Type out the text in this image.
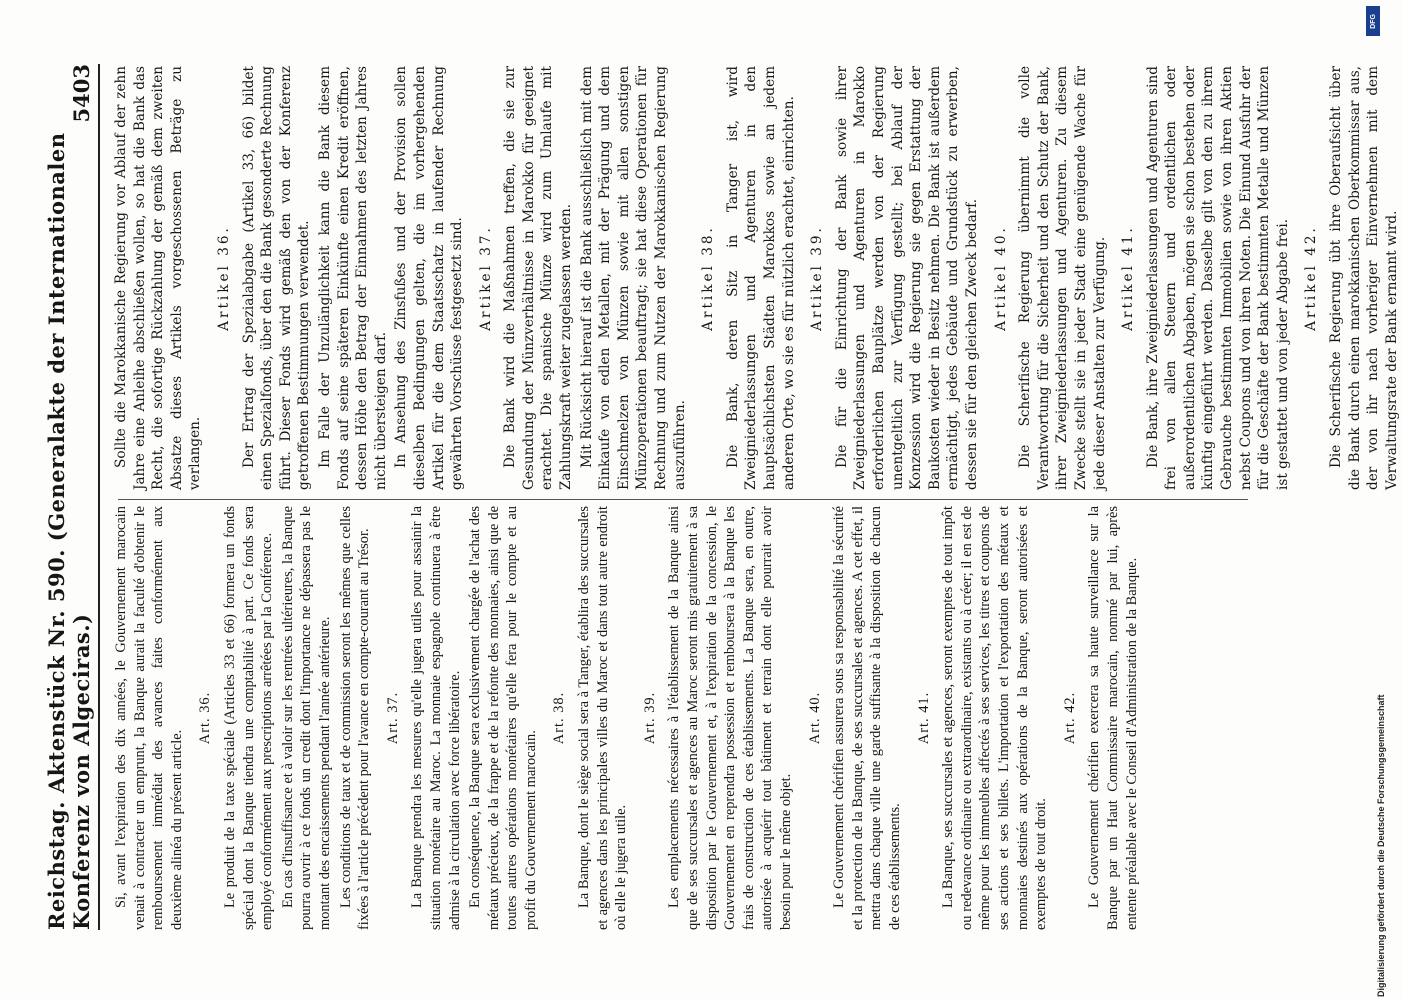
Reichstag. Aktenstück Nr. 590. (Generalakte der Internationalen Konferenz von Algeciras.)
5403

Si, avant l'expiration des dix années, le Gouvernement marocain venait à contracter un emprunt, la Banque aurait la faculté d'obtenir le remboursement immédiat des avances faites conformément aux deuxième alinéa du présent article.

Art. 36. Le produit de la taxe spéciale (Articles 33 et 66) formera un fonds spécial dont la Banque tiendra une comptabilité à part. Ce fonds sera employé conformément aux prescriptions arrêtées par la Conférence. En cas d'insuffisance et à valoir sur les rentrées ultérieures, la Banque pourra ouvrir à ce fonds un credit dont l'importance ne dépassera pas le montant des encaissements pendant l'année antérieure. Les conditions de taux et de commission seront les mêmes que celles fixées à l'article précédent pour l'avance en compte-courant au Trésor. Art. 37. La Banque prendra les mesures qu'elle jugera utiles pour assainir la situation monétaire au Maroc. La monnaie espagnole continuera à être admise à la circulation avec force libératoire. En conséquence, la Banque sera exclusivement chargée de l'achat des métaux précieux, de la frappe et de la refonte des monnaies, ainsi que de toutes autres opérations monétaires qu'elle fera pour le compte et au profit du Gouvernement marocain.

Art. 38. La Banque, dont le siège social sera à Tanger, établira des succursales et agences dans les principales villes du Maroc et dans tout autre endroit où elle le jugera utile.

Art. 39. Les emplacements nécessaires à l'établissement de la Banque ainsi que de ses succursales et agences au Maroc seront mis gratuitement à sa disposition par le Gouvernement et, à l'expiration de la concession, le Gouvernement en reprendra possession et remboursera à la Banque les frais de construction de ces établissements. La Banque sera, en outre, autorisée à acquérir tout bâtiment et terrain dont elle pourrait avoir besoin pour le même objet.

Art. 40. Le Gouvernement chérifien assurera sous sa responsabilité la sécurité et la protection de la Banque, de ses succursales et agences. A cet effet, il mettra dans chaque ville une garde suffisante à la disposition de chacun de ces établissements.

Art. 41. La Banque, ses succursales et agences, seront exemptes de tout impôt ou redevance ordinaire ou extraordinaire, existants ou à créer; il en est de même pour les immeubles affectés à ses services, les titres et coupons de ses actions et ses billets. L'importation et l'exportation des métaux et monnaies destinés aux opérations de la Banque, seront autorisées et exemptes de tout droit.

Art. 42. Le Gouvernement chérifien exercera sa haute surveillance sur la Banque par un Haut Commissaire marocain, nommé par lui, après entente préalable avec le Conseil d'Administration de la Banque.

Sollte die Marokkanische Regierung vor Ablauf der zehn Jahre eine Anleihe abschließen wollen, so hat die Bank das Recht, die sofortige Rückzahlung der gemäß dem zweiten Absatze dieses Artikels vorgeschossenen Beträge zu verlangen.

Artikel 36. Der Ertrag der Spezialabgabe (Artikel 33, 66) bildet einen Spezialfonds, über den die Bank gesonderte Rechnung führt. Dieser Fonds wird gemäß den von der Konferenz getroffenen Bestimmungen verwendet. Im Falle der Unzulänglichkeit kann die Bank diesem Fonds auf seine späteren Einkünfte einen Kredit eröffnen, dessen Höhe den Betrag der Einnahmen des letzten Jahres nicht übersteigen darf. In Ansehung des Zinsfußes und der Provision sollen dieselben Bedingungen gelten, die im vorhergehenden Artikel für die dem Staatsschatz in laufender Rechnung gewährten Vorschüsse festgesetzt sind. Artikel 37. Die Bank wird die Maßnahmen treffen, die sie zur Gesundung der Münzverhältnisse in Marokko für geeignet erachtet. Die spanische Münze wird zum Umlaufe mit Zahlungskraft weiter zugelassen werden. Mit Rücksicht hierauf ist die Bank ausschließlich mit dem Einkaufe von edlen Metallen, mit der Prägung und dem Einschmelzen von Münzen sowie mit allen sonstigen Münzoperationen beauftragt; sie hat diese Operationen für Rechnung und zum Nutzen der Marokkanischen Regierung auszuführen.

Artikel 38. Die Bank, deren Sitz in Tanger ist, wird Zweigniederlassungen und Agenturen in den hauptsächlichsten Städten Marokkos sowie an jedem anderen Orte, wo sie es für nützlich erachtet, einrichten. Artikel 39. Die für die Einrichtung der Bank sowie ihrer Zweigniederlassungen und Agenturen in Marokko erforderlichen Bauplätze werden von der Regierung unentgeltlich zur Verfügung gestellt; bei Ablauf der Konzession wird die Regierung sie gegen Erstattung der Baukosten wieder in Besitz nehmen. Die Bank ist außerdem ermächtigt, jedes Gebäude und Grundstück zu erwerben, dessen sie für den gleichen Zweck bedarf. Artikel 40. Die Scherifische Regierung übernimmt die volle Verantwortung für die Sicherheit und den Schutz der Bank, ihrer Zweigniederlassungen und Agenturen. Zu diesem Zwecke stellt sie in jeder Stadt eine genügende Wache für jede dieser Anstalten zur Verfügung. Artikel 41. Die Bank, ihre Zweigniederlassungen und Agenturen sind frei von allen Steuern und ordentlichen oder außerordentlichen Abgaben, mögen sie schon bestehen oder künftig eingeführt werden. Dasselbe gilt von den zu ihrem Gebrauche bestimmten Immobilien sowie von ihren Aktien nebst Coupons und von ihren Noten. Die Einund Ausfuhr der für die Geschäfte der Bank bestimmten Metalle und Münzen ist gestattet und von jeder Abgabe frei. Artikel 42. Die Scherifische Regierung übt ihre Oberaufsicht über die Bank durch einen marokkanischen Oberkommissar aus, der von ihr nach vorheriger Einvernehmen mit dem Verwaltungsrate der Bank ernannt wird.

DFG
Digitalisierung gefördert durch die Deutsche Forschungsgemeinschaft
